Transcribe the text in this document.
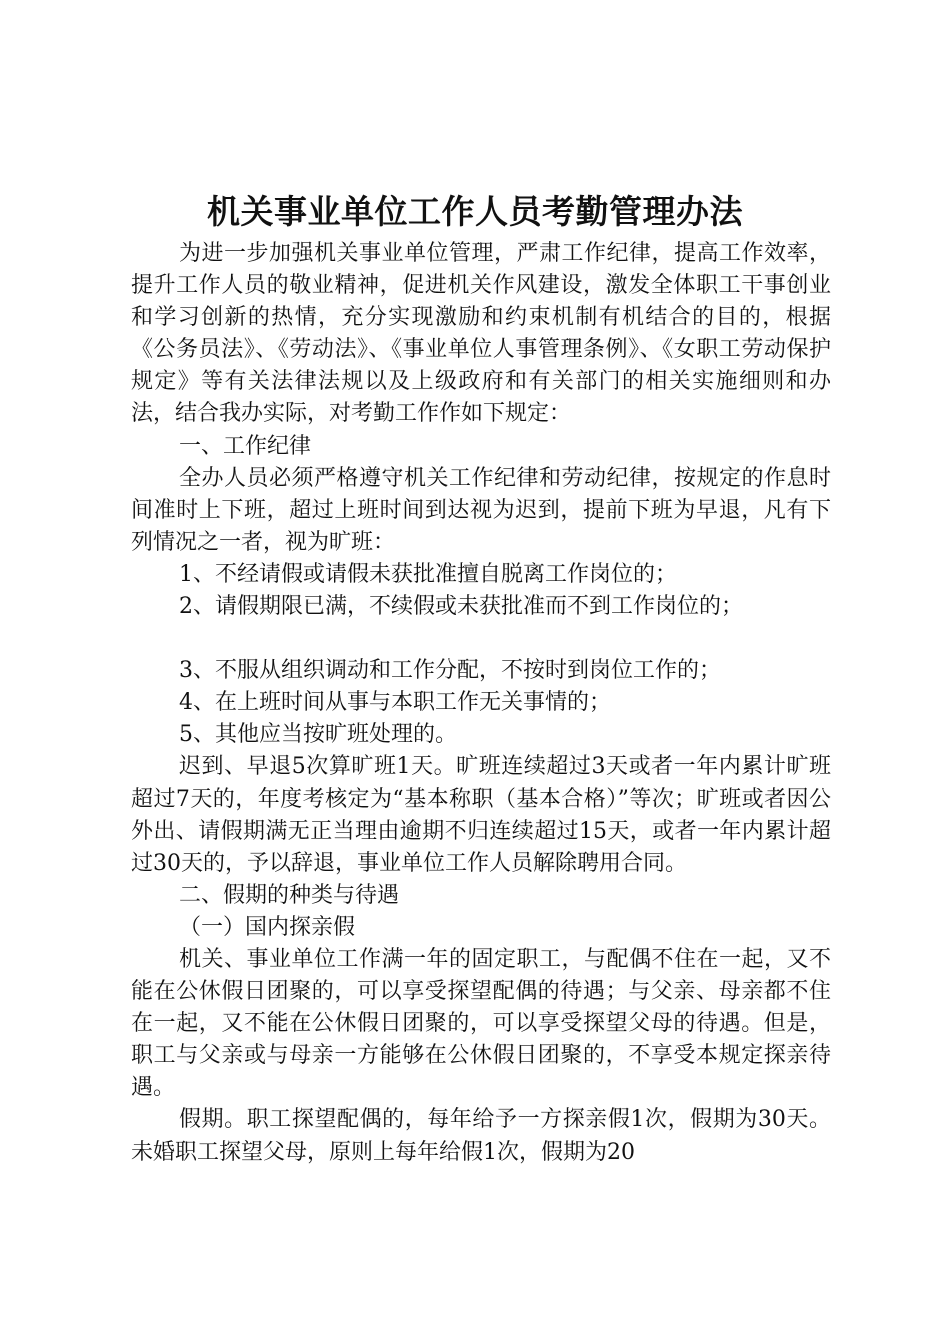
机关事业单位工作人员考勤管理办法

为进一步加强机关事业单位管理，严肃工作纪律，提高工作效率，提升工作人员的敬业精神，促进机关作风建设，激发全体职工干事创业和学习创新的热情，充分实现激励和约束机制有机结合的目的，根据《公务员法》、《劳动法》、《事业单位人事管理条例》、《女职工劳动保护规定》等有关法律法规以及上级政府和有关部门的相关实施细则和办法，结合我办实际，对考勤工作作如下规定：

一、工作纪律

全办人员必须严格遵守机关工作纪律和劳动纪律，按规定的作息时间准时上下班，超过上班时间到达视为迟到，提前下班为早退，凡有下列情况之一者，视为旷班：

1、不经请假或请假未获批准擅自脱离工作岗位的；

2、请假期限已满，不续假或未获批准而不到工作岗位的；

3、不服从组织调动和工作分配，不按时到岗位工作的；

4、在上班时间从事与本职工作无关事情的；

5、其他应当按旷班处理的。

迟到、早退5次算旷班1天。旷班连续超过3天或者一年内累计旷班超过7天的，年度考核定为“基本称职（基本合格）”等次；旷班或者因公外出、请假期满无正当理由逾期不归连续超过15天，或者一年内累计超过30天的，予以辞退，事业单位工作人员解除聘用合同。

二、假期的种类与待遇

（一）国内探亲假

机关、事业单位工作满一年的固定职工，与配偶不住在一起，又不能在公休假日团聚的，可以享受探望配偶的待遇；与父亲、母亲都不住在一起，又不能在公休假日团聚的，可以享受探望父母的待遇。但是，职工与父亲或与母亲一方能够在公休假日团聚的，不享受本规定探亲待遇。

假期。职工探望配偶的，每年给予一方探亲假1次，假期为30天。未婚职工探望父母，原则上每年给假1次，假期为20
